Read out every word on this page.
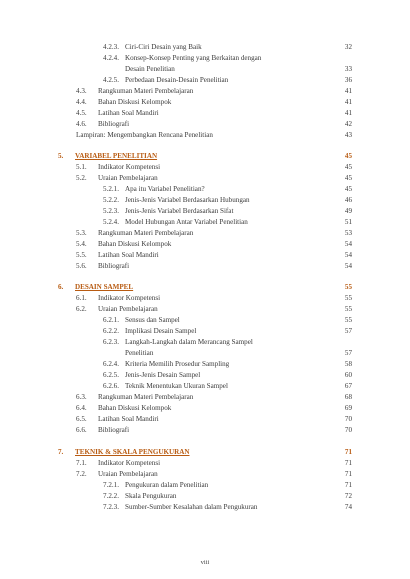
4.2.3. Ciri-Ciri Desain yang Baik	32
4.2.4. Konsep-Konsep Penting yang Berkaitan dengan
Desain Penelitian	33
4.2.5. Perbedaan Desain-Desain Penelitian	36
4.3. Rangkuman Materi Pembelajaran	41
4.4. Bahan Diskusi Kelompok	41
4.5. Latihan Soal Mandiri	41
4.6. Bibliografi	42
Lampiran: Mengembangkan Rencana Penelitian	43
5. VARIABEL PENELITIAN	45
5.1. Indikator Kompetensi	45
5.2. Uraian Pembelajaran	45
5.2.1. Apa itu Variabel Penelitian?	45
5.2.2. Jenis-Jenis Variabel Berdasarkan Hubungan	46
5.2.3. Jenis-Jenis Variabel Berdasarkan Sifat	49
5.2.4. Model Hubungan Antar Variabel Penelitian	51
5.3. Rangkuman Materi Pembelajaran	53
5.4. Bahan Diskusi Kelompok	54
5.5. Latihan Soal Mandiri	54
5.6. Bibliografi	54
6. DESAIN SAMPEL	55
6.1. Indikator Kompetensi	55
6.2. Uraian Pembelajaran	55
6.2.1. Sensus dan Sampel	55
6.2.2. Implikasi Desain Sampel	57
6.2.3. Langkah-Langkah dalam Merancang Sampel
Penelitian	57
6.2.4. Kriteria Memilih Prosedur Sampling	58
6.2.5. Jenis-Jenis Desain Sampel	60
6.2.6. Teknik Menentukan Ukuran Sampel	67
6.3. Rangkuman Materi Pembelajaran	68
6.4. Bahan Diskusi Kelompok	69
6.5. Latihan Soal Mandiri	70
6.6. Bibliografi	70
7. TEKNIK & SKALA PENGUKURAN	71
7.1. Indikator Kompetensi	71
7.2. Uraian Pembelajaran	71
7.2.1. Pengukuran dalam Penelitian	71
7.2.2. Skala Pengukuran	72
7.2.3. Sumber-Sumber Kesalahan dalam Pengukuran	74
viii
